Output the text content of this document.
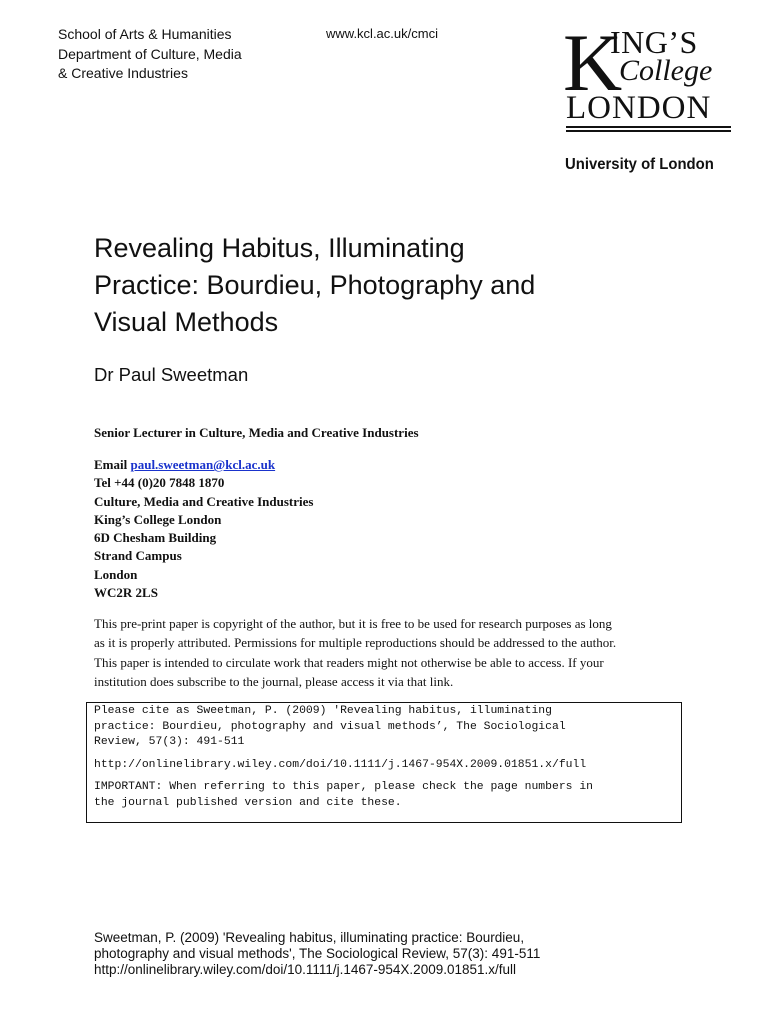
School of Arts & Humanities
Department of Culture, Media
& Creative Industries
www.kcl.ac.uk/cmci K
ING’S
College
LONDON
University of London
Revealing Habitus, Illuminating
Practice: Bourdieu, Photography and
Visual Methods
Dr Paul Sweetman
Senior Lecturer in Culture, Media and Creative Industries
Email paul.sweetman@kcl.ac.uk
Tel +44 (0)20 7848 1870
Culture, Media and Creative Industries
King’s College London
6D Chesham Building
Strand Campus
London
WC2R 2LS
This pre-print paper is copyright of the author, but it is free to be used for research purposes as long
as it is properly attributed. Permissions for multiple reproductions should be addressed to the author.
This paper is intended to circulate work that readers might not otherwise be able to access. If your
institution does subscribe to the journal, please access it via that link.

Please cite as Sweetman, P. (2009) 'Revealing habitus, illuminating

practice: Bourdieu, photography and visual methods’, The Sociological

Review, 57(3): 491-511

http://onlinelibrary.wiley.com/doi/10.1111/j.1467-954X.2009.01851.x/full

IMPORTANT: When referring to this paper, please check the page numbers in

the journal published version and cite these.

Sweetman, P. (2009) 'Revealing habitus, illuminating practice: Bourdieu,
photography and visual methods', The Sociological Review, 57(3): 491-511
http://onlinelibrary.wiley.com/doi/10.1111/j.1467-954X.2009.01851.x/full
